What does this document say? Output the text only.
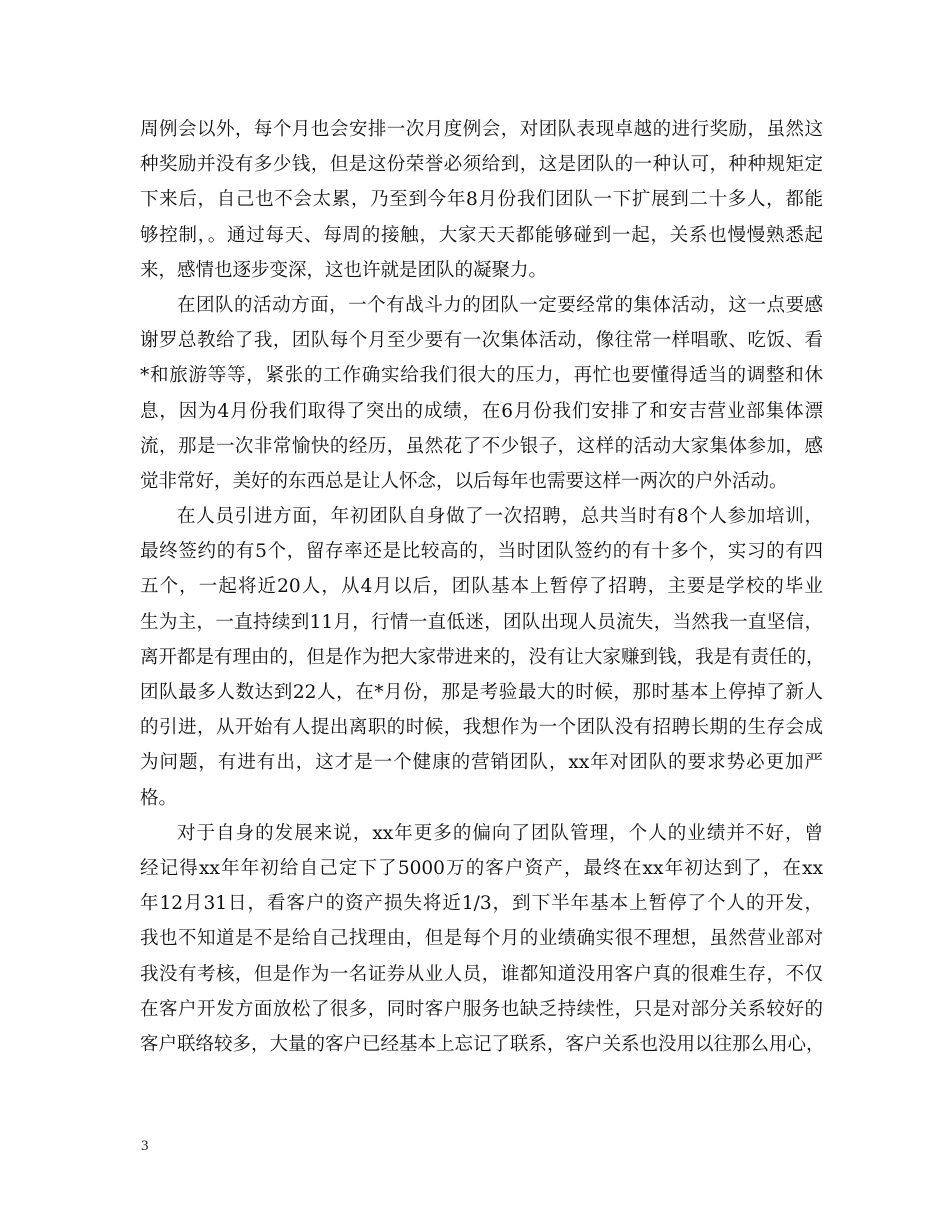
周例会以外，每个月也会安排一次月度例会，对团队表现卓越的进行奖励，虽然这
种奖励并没有多少钱，但是这份荣誉必须给到，这是团队的一种认可，种种规矩定
下来后，自己也不会太累，乃至到今年8月份我们团队一下扩展到二十多人，都能
够控制，。通过每天、每周的接触，大家天天都能够碰到一起，关系也慢慢熟悉起
来，感情也逐步变深，这也许就是团队的凝聚力。
在团队的活动方面，一个有战斗力的团队一定要经常的集体活动，这一点要感
谢罗总教给了我，团队每个月至少要有一次集体活动，像往常一样唱歌、吃饭、看
*和旅游等等，紧张的工作确实给我们很大的压力，再忙也要懂得适当的调整和休
息，因为4月份我们取得了突出的成绩，在6月份我们安排了和安吉营业部集体漂
流，那是一次非常愉快的经历，虽然花了不少银子，这样的活动大家集体参加，感
觉非常好，美好的东西总是让人怀念，以后每年也需要这样一两次的户外活动。
在人员引进方面，年初团队自身做了一次招聘，总共当时有8个人参加培训，
最终签约的有5个，留存率还是比较高的，当时团队签约的有十多个，实习的有四
五个，一起将近20人，从4月以后，团队基本上暂停了招聘，主要是学校的毕业
生为主，一直持续到11月，行情一直低迷，团队出现人员流失，当然我一直坚信，
离开都是有理由的，但是作为把大家带进来的，没有让大家赚到钱，我是有责任的，
团队最多人数达到22人，在*月份，那是考验最大的时候，那时基本上停掉了新人
的引进，从开始有人提出离职的时候，我想作为一个团队没有招聘长期的生存会成
为问题，有进有出，这才是一个健康的营销团队，xx年对团队的要求势必更加严
格。
对于自身的发展来说，xx年更多的偏向了团队管理，个人的业绩并不好，曾
经记得xx年年初给自己定下了5000万的客户资产，最终在xx年初达到了，在xx
年12月31日，看客户的资产损失将近1/3，到下半年基本上暂停了个人的开发，
我也不知道是不是给自己找理由，但是每个月的业绩确实很不理想，虽然营业部对
我没有考核，但是作为一名证券从业人员，谁都知道没用客户真的很难生存，不仅
在客户开发方面放松了很多，同时客户服务也缺乏持续性，只是对部分关系较好的
客户联络较多，大量的客户已经基本上忘记了联系，客户关系也没用以往那么用心，
3
